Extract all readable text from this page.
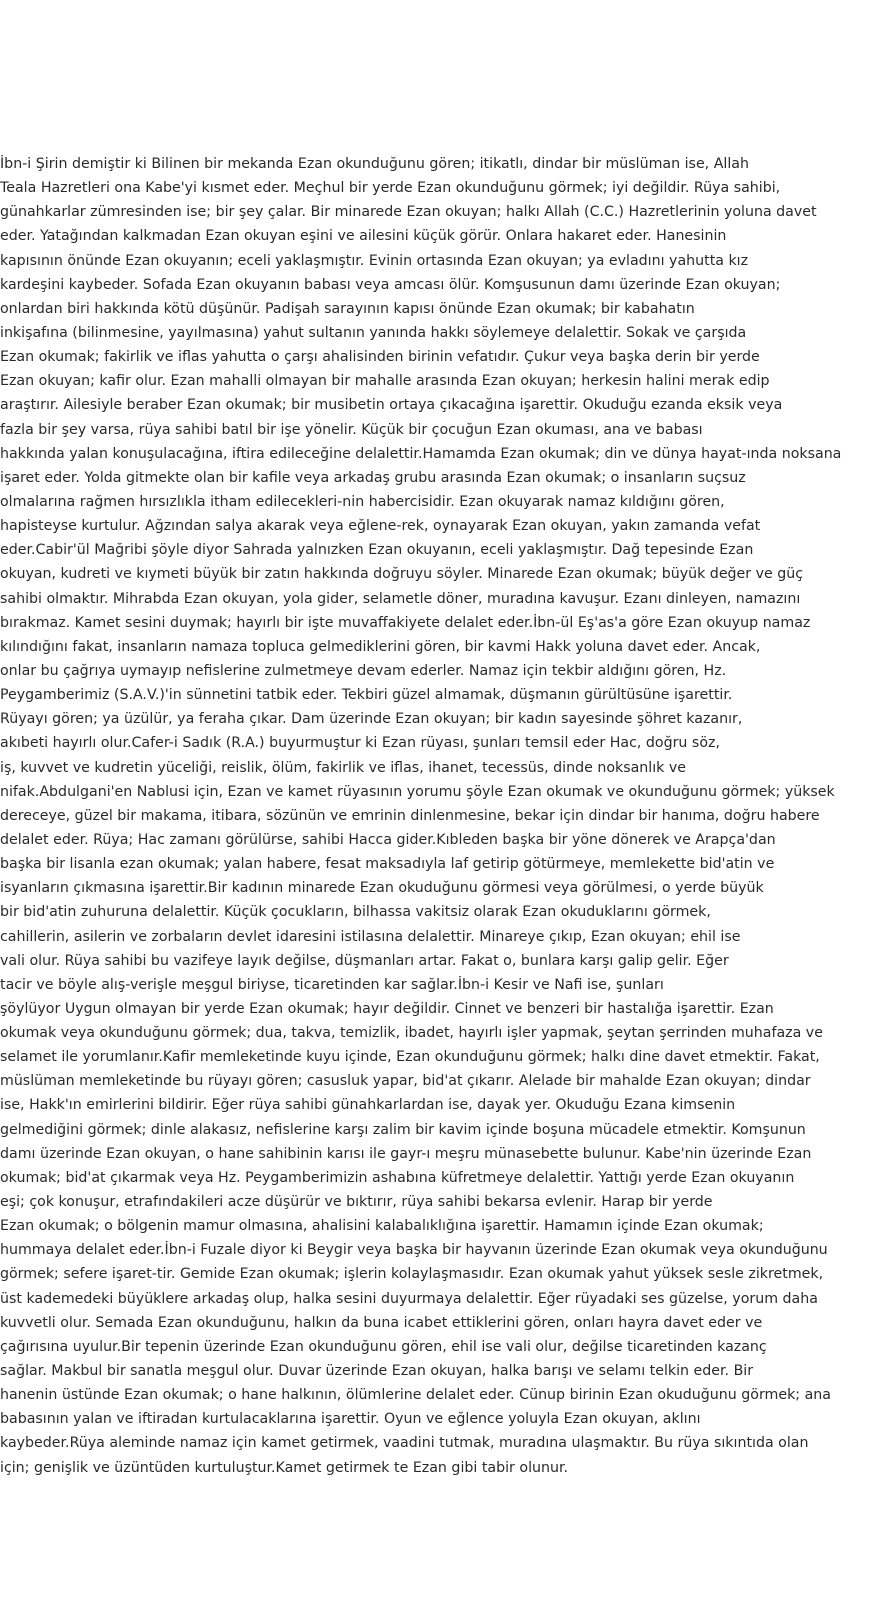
İbn-i Şirin demiştir ki Bilinen bir mekanda Ezan okunduğunu gören; itikatlı, dindar bir müslüman ise, Allah
Teala Hazretleri ona Kabe'yi kısmet eder. Meçhul bir yerde Ezan okunduğunu görmek; iyi değildir. Rüya sahibi,
günahkarlar zümresinden ise; bir şey çalar. Bir minarede Ezan okuyan; halkı Allah (C.C.) Hazretlerinin yoluna davet
eder. Yatağından kalkmadan Ezan okuyan eşini ve ailesini küçük görür. Onlara hakaret eder. Hanesinin
kapısının önünde Ezan okuyanın; eceli yaklaşmıştır. Evinin ortasında Ezan okuyan; ya evladını yahutta kız
kardeşini kaybeder. Sofada Ezan okuyanın babası veya amcası ölür. Komşusunun damı üzerinde Ezan okuyan;
onlardan biri hakkında kötü düşünür. Padişah sarayının kapısı önünde Ezan okumak; bir kabahatın
inkişafına (bilinmesine, yayılmasına) yahut sultanın yanında hakkı söylemeye delalettir. Sokak ve çarşıda
Ezan okumak; fakirlik ve iflas yahutta o çarşı ahalisinden birinin vefatıdır. Çukur veya başka derin bir yerde
Ezan okuyan; kafir olur. Ezan mahalli olmayan bir mahalle arasında Ezan okuyan; herkesin halini merak edip
araştırır. Ailesiyle beraber Ezan okumak; bir musibetin ortaya çıkacağına işarettir. Okuduğu ezanda eksik veya
fazla bir şey varsa, rüya sahibi batıl bir işe yönelir. Küçük bir çocuğun Ezan okuması, ana ve babası
hakkında yalan konuşulacağına, iftira edileceğine delalettir.Hamamda Ezan okumak; din ve dünya hayat-ında noksana
işaret eder. Yolda gitmekte olan bir kafile veya arkadaş grubu arasında Ezan okumak; o insanların suçsuz
olmalarına rağmen hırsızlıkla itham edilecekleri-nin habercisidir. Ezan okuyarak namaz kıldığını gören,
hapisteyse kurtulur. Ağzından salya akarak veya eğlene-rek, oynayarak Ezan okuyan, yakın zamanda vefat
eder.Cabir'ül Mağribi şöyle diyor Sahrada yalnızken Ezan okuyanın, eceli yaklaşmıştır. Dağ tepesinde Ezan
okuyan, kudreti ve kıymeti büyük bir zatın hakkında doğruyu söyler. Minarede Ezan okumak; büyük değer ve güç
sahibi olmaktır. Mihrabda Ezan okuyan, yola gider, selametle döner, muradına kavuşur. Ezanı dinleyen, namazını
bırakmaz. Kamet sesini duymak; hayırlı bir işte muvaffakiyete delalet eder.İbn-ül Eş'as'a göre Ezan okuyup namaz
kılındığını fakat, insanların namaza topluca gelmediklerini gören, bir kavmi Hakk yoluna davet eder. Ancak,
onlar bu çağrıya uymayıp nefislerine zulmetmeye devam ederler. Namaz için tekbir aldığını gören, Hz.
Peygamberimiz (S.A.V.)'in sünnetini tatbik eder. Tekbiri güzel almamak, düşmanın gürültüsüne işarettir.
Rüyayı gören; ya üzülür, ya feraha çıkar. Dam üzerinde Ezan okuyan; bir kadın sayesinde şöhret kazanır,
akıbeti hayırlı olur.Cafer-i Sadık (R.A.) buyurmuştur ki Ezan rüyası, şunları temsil eder Hac, doğru söz,
iş, kuvvet ve kudretin yüceliği, reislik, ölüm, fakirlik ve iflas, ihanet, tecessüs, dinde noksanlık ve
nifak.Abdulgani'en Nablusi için, Ezan ve kamet rüyasının yorumu şöyle Ezan okumak ve okunduğunu görmek; yüksek
dereceye, güzel bir makama, itibara, sözünün ve emrinin dinlenmesine, bekar için dindar bir hanıma, doğru habere
delalet eder. Rüya; Hac zamanı görülürse, sahibi Hacca gider.Kıbleden başka bir yöne dönerek ve Arapça'dan
başka bir lisanla ezan okumak; yalan habere, fesat maksadıyla laf getirip götürmeye, memlekette bid'atin ve
isyanların çıkmasına işarettir.Bir kadının minarede Ezan okuduğunu görmesi veya görülmesi, o yerde büyük
bir bid'atin zuhuruna delalettir. Küçük çocukların, bilhassa vakitsiz olarak Ezan okuduklarını görmek,
cahillerin, asilerin ve zorbaların devlet idaresini istilasına delalettir. Minareye çıkıp, Ezan okuyan; ehil ise
vali olur. Rüya sahibi bu vazifeye layık değilse, düşmanları artar. Fakat o, bunlara karşı galip gelir. Eğer
tacir ve böyle alış-verişle meşgul biriyse, ticaretinden kar sağlar.İbn-i Kesir ve Nafi ise, şunları
şöylüyor Uygun olmayan bir yerde Ezan okumak; hayır değildir. Cinnet ve benzeri bir hastalığa işarettir. Ezan
okumak veya okunduğunu görmek; dua, takva, temizlik, ibadet, hayırlı işler yapmak, şeytan şerrinden muhafaza ve
selamet ile yorumlanır.Kafir memleketinde kuyu içinde, Ezan okunduğunu görmek; halkı dine davet etmektir. Fakat,
müslüman memleketinde bu rüyayı gören; casusluk yapar, bid'at çıkarır. Alelade bir mahalde Ezan okuyan; dindar
ise, Hakk'ın emirlerini bildirir. Eğer rüya sahibi günahkarlardan ise, dayak yer. Okuduğu Ezana kimsenin
gelmediğini görmek; dinle alakasız, nefislerine karşı zalim bir kavim içinde boşuna mücadele etmektir. Komşunun
damı üzerinde Ezan okuyan, o hane sahibinin karısı ile gayr-ı meşru münasebette bulunur. Kabe'nin üzerinde Ezan
okumak; bid'at çıkarmak veya Hz. Peygamberimizin ashabına küfretmeye delalettir. Yattığı yerde Ezan okuyanın
eşi; çok konuşur, etrafındakileri acze düşürür ve bıktırır, rüya sahibi bekarsa evlenir. Harap bir yerde
Ezan okumak; o bölgenin mamur olmasına, ahalisini kalabalıklığına işarettir. Hamamın içinde Ezan okumak;
hummaya delalet eder.İbn-i Fuzale diyor ki Beygir veya başka bir hayvanın üzerinde Ezan okumak veya okunduğunu
görmek; sefere işaret-tir. Gemide Ezan okumak; işlerin kolaylaşmasıdır. Ezan okumak yahut yüksek sesle zikretmek,
üst kademedeki büyüklere arkadaş olup, halka sesini duyurmaya delalettir. Eğer rüyadaki ses güzelse, yorum daha
kuvvetli olur. Semada Ezan okunduğunu, halkın da buna icabet ettiklerini gören, onları hayra davet eder ve
çağırısına uyulur.Bir tepenin üzerinde Ezan okunduğunu gören, ehil ise vali olur, değilse ticaretinden kazanç
sağlar. Makbul bir sanatla meşgul olur. Duvar üzerinde Ezan okuyan, halka barışı ve selamı telkin eder. Bir
hanenin üstünde Ezan okumak; o hane halkının, ölümlerine delalet eder. Cünup birinin Ezan okuduğunu görmek; ana
babasının yalan ve iftiradan kurtulacaklarına işarettir. Oyun ve eğlence yoluyla Ezan okuyan, aklını
kaybeder.Rüya aleminde namaz için kamet getirmek, vaadini tutmak, muradına ulaşmaktır. Bu rüya sıkıntıda olan
için; genişlik ve üzüntüden kurtuluştur.Kamet getirmek te Ezan gibi tabir olunur.
